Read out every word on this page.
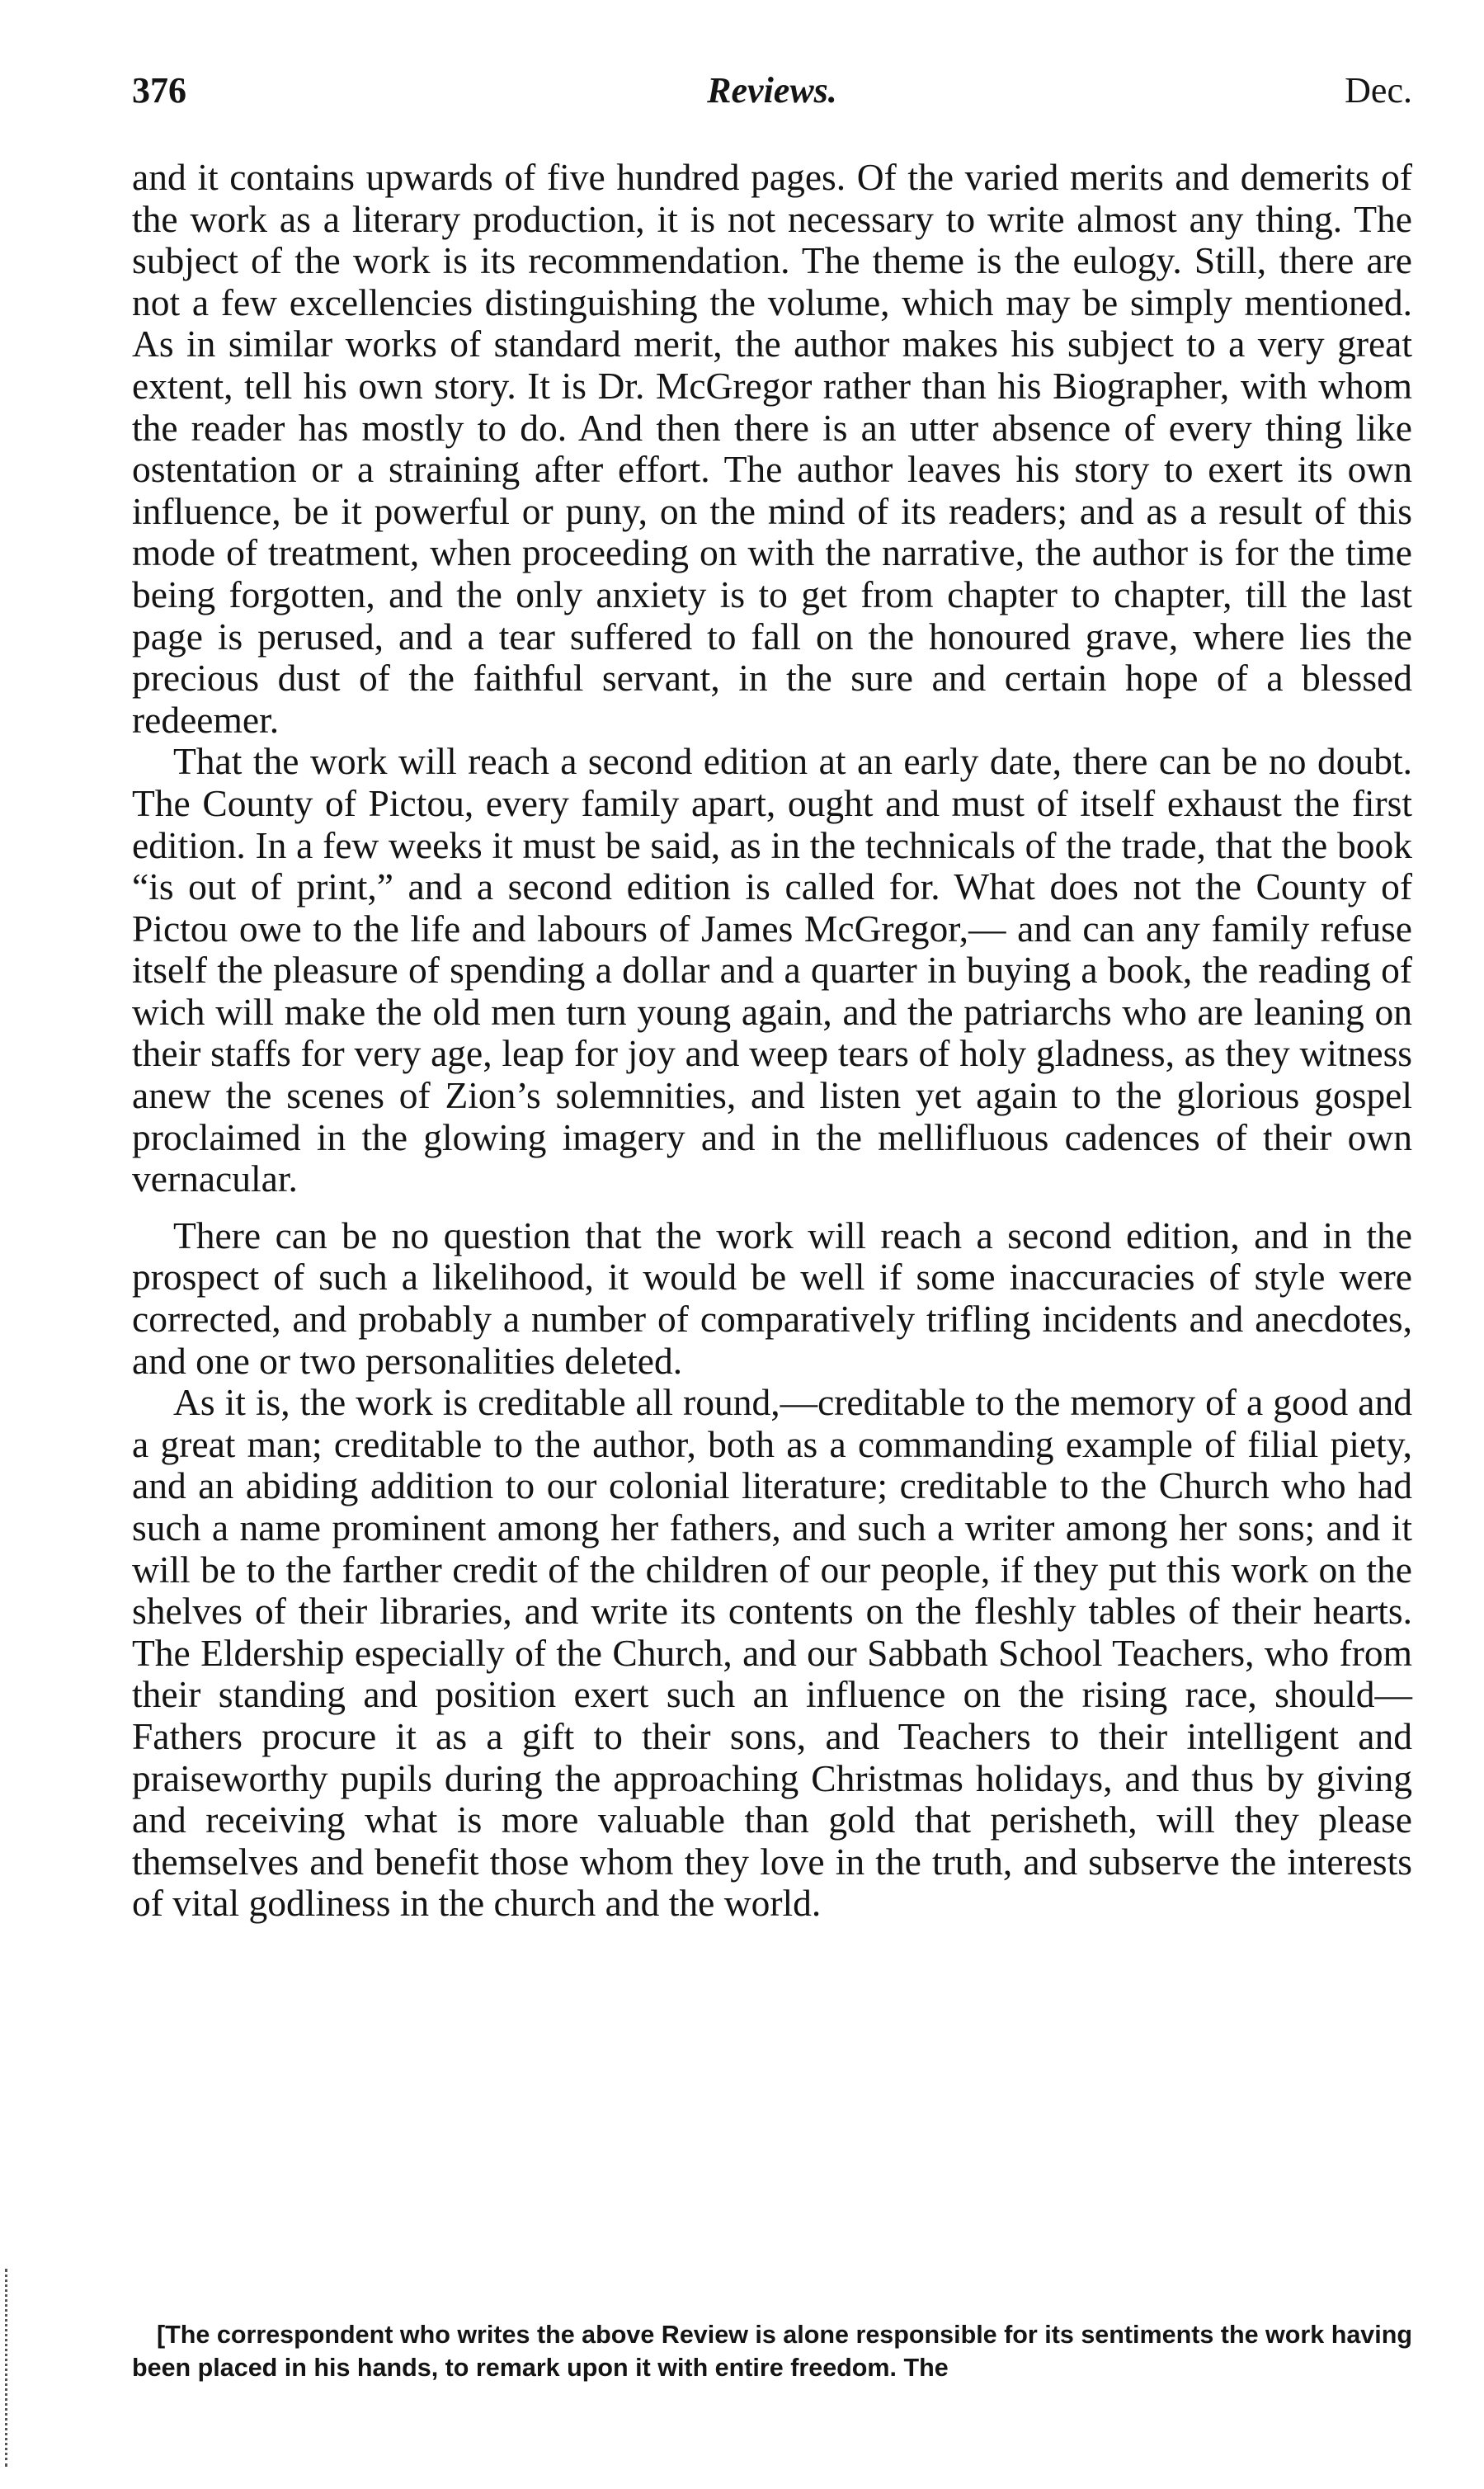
376	Reviews.	Dec.

and it contains upwards of five hundred pages. Of the varied merits and demerits of the work as a literary production, it is not necessary to write almost any thing. The subject of the work is its recommendation. The theme is the eulogy. Still, there are not a few excellencies distinguishing the volume, which may be simply mentioned. As in similar works of standard merit, the author makes his subject to a very great extent, tell his own story. It is Dr. McGregor rather than his Biographer, with whom the reader has mostly to do. And then there is an utter absence of every thing like ostentation or a straining after effort. The author leaves his story to exert its own influence, be it powerful or puny, on the mind of its readers; and as a result of this mode of treatment, when proceeding on with the narrative, the author is for the time being forgotten, and the only anxiety is to get from chapter to chapter, till the last page is perused, and a tear suffered to fall on the honoured grave, where lies the precious dust of the faithful servant, in the sure and certain hope of a blessed redeemer.

That the work will reach a second edition at an early date, there can be no doubt. The County of Pictou, every family apart, ought and must of itself exhaust the first edition. In a few weeks it must be said, as in the technicals of the trade, that the book “is out of print,” and a second edition is called for. What does not the County of Pictou owe to the life and labours of James McGregor,— and can any family refuse itself the pleasure of spending a dollar and a quarter in buying a book, the reading of wich will make the old men turn young again, and the patriarchs who are leaning on their staffs for very age, leap for joy and weep tears of holy gladness, as they witness anew the scenes of Zion’s solemnities, and listen yet again to the glorious gospel proclaimed in the glowing imagery and in the mellifluous cadences of their own vernacular.

There can be no question that the work will reach a second edition, and in the prospect of such a likelihood, it would be well if some inaccuracies of style were corrected, and probably a number of comparatively trifling incidents and anecdotes, and one or two personalities deleted.

As it is, the work is creditable all round,—creditable to the memory of a good and a great man; creditable to the author, both as a commanding example of filial piety, and an abiding addition to our colonial literature; creditable to the Church who had such a name prominent among her fathers, and such a writer among her sons; and it will be to the farther credit of the children of our people, if they put this work on the shelves of their libraries, and write its contents on the fleshly tables of their hearts. The Eldership especially of the Church, and our Sabbath School Teachers, who from their standing and position exert such an influence on the rising race, should—Fathers procure it as a gift to their sons, and Teachers to their intelligent and praiseworthy pupils during the approaching Christmas holidays, and thus by giving and receiving what is more valuable than gold that perisheth, will they please themselves and benefit those whom they love in the truth, and subserve the interests of vital godliness in the church and the world.

[The correspondent who writes the above Review is alone responsible for its sentiments the work having been placed in his hands, to remark upon it with entire freedom. The
